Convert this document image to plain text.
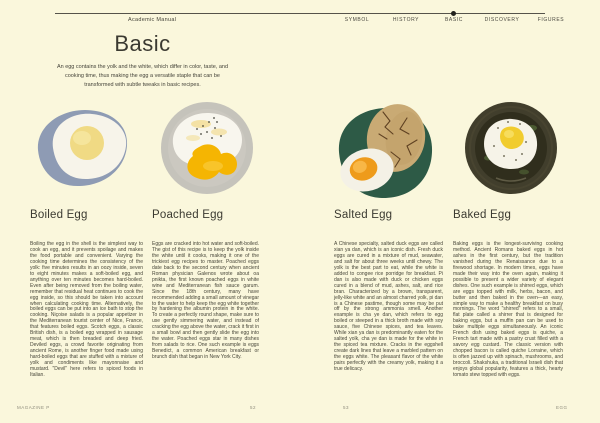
Academic Manual	SYMBOL	HISTORY	BASIC	DISCOVERY	FIGURES
Basic

An egg contains the yolk and the white, which differ in color, taste, and cooking time, thus making the egg a versatile staple that can be transformed with subtle tweaks in basic recipes.

Boiled Egg	Poached Egg	Salted Egg	Baked Egg

Boiling the egg in the shell is the simplest way to cook an egg, and it prevents spoilage and makes the food portable and convenient. Varying the cooking time determines the consistency of the yolk: five minutes results in an oozy inside, seven to eight minutes makes a soft-boiled egg, and anything over ten minutes becomes hard-boiled. Even after being removed from the boiling water, remember that residual heat continues to cook the egg inside, so this should be taken into account when calculating cooking time. Alternatively, the boiled eggs can be put into an ice bath to stop the cooking. Niçoise salads is a popular appetizer in the Mediterranean tourist center of Nice, France, that features boiled eggs. Scotch eggs, a classic British dish, is a boiled egg wrapped in sausage meat, which is then breaded and deep fried. Deviled eggs, a crowd favorite originating from ancient Rome, is another finger food made using hard-boiled eggs that are stuffed with a mixture of yolk and condiments like mayonnaise and mustard. "Devil" here refers to spiced foods in Italian.

Eggs are cracked into hot water and soft-boiled. The gist of this recipe is to keep the yolk inside the white until it cooks, making it one of the trickiest egg recipes to master. Poached eggs date back to the second century when ancient Roman physician Galenos wrote about oa pnikta, the first known poached eggs in white wine and Mediterranean fish sauce garum. Since the 18th century, many have recommended adding a small amount of vinegar to the water to help keep the egg white together by hardening the albumin protein in the white. To create a perfectly round shape, make sure to use gently simmering water, and instead of cracking the egg above the water, crack it first in a small bowl and then gently slide the egg into the water. Poached eggs star in many dishes from salads to rice. One such example is eggs Benedict, a common American breakfast or brunch dish that began in New York City.

A Chinese specialty, salted duck eggs are called xian ya dan, which is an iconic dish. Fresh duck eggs are cured in a mixture of mud, seawater, and salt for about three weeks until chewy. The yolk is the best part to eat, while the white is added to congee rice porridge for breakfast. Pi dan is also made with duck or chicken eggs cured in a blend of mud, ashes, salt, and rice bran. Characterized by a brown, transparent, jelly-like white and an almost charred yolk, pi dan is a Chinese pastime, though some may be put off by the strong ammonia smell. Another example is cha ye dan, which refers to egg boiled or steeped in a thick broth made with soy sauce, five Chinese spices, and tea leaves. While xian ya dan is predominantly eaten for the salted yolk, cha ye dan is made for the white in the spiced tea mixture. Cracks in the eggshell create dark lines that leave a marbled pattern on the eggs white. The pleasant flavor of the white pairs perfectly with the creamy yolk, making it a true delicacy.

Baking eggs is the longest-surviving cooking method. Ancient Romans baked eggs in hot ashes in the first century, but the tradition vanished during the Renaissance due to a firewood shortage. In modern times, eggs have made their way into the oven again, making it possible to present a wider variety of elegant dishes. One such example is shirred eggs, which are eggs topped with milk, herbs, bacon, and butter and then baked in the oven—an easy, simple way to make a healthy breakfast on busy mornings. The word "shirred" refers to a small, flat plate called a shirrer that is designed for baking eggs, but a muffin pan can be used to bake multiple eggs simultaneously. An iconic French dish using baked eggs is quiche, a French tart made with a pastry crust filled with a savory egg custard. The classic version with chopped bacon is called quiche Lorraine, which is often jazzed up with spinach, mushrooms, and broccoli. Shakshuka, a traditional Israeli dish that enjoys global popularity, features a thick, hearty tomato stew topped with eggs.

MAGAZINE P	52	53	EGG
